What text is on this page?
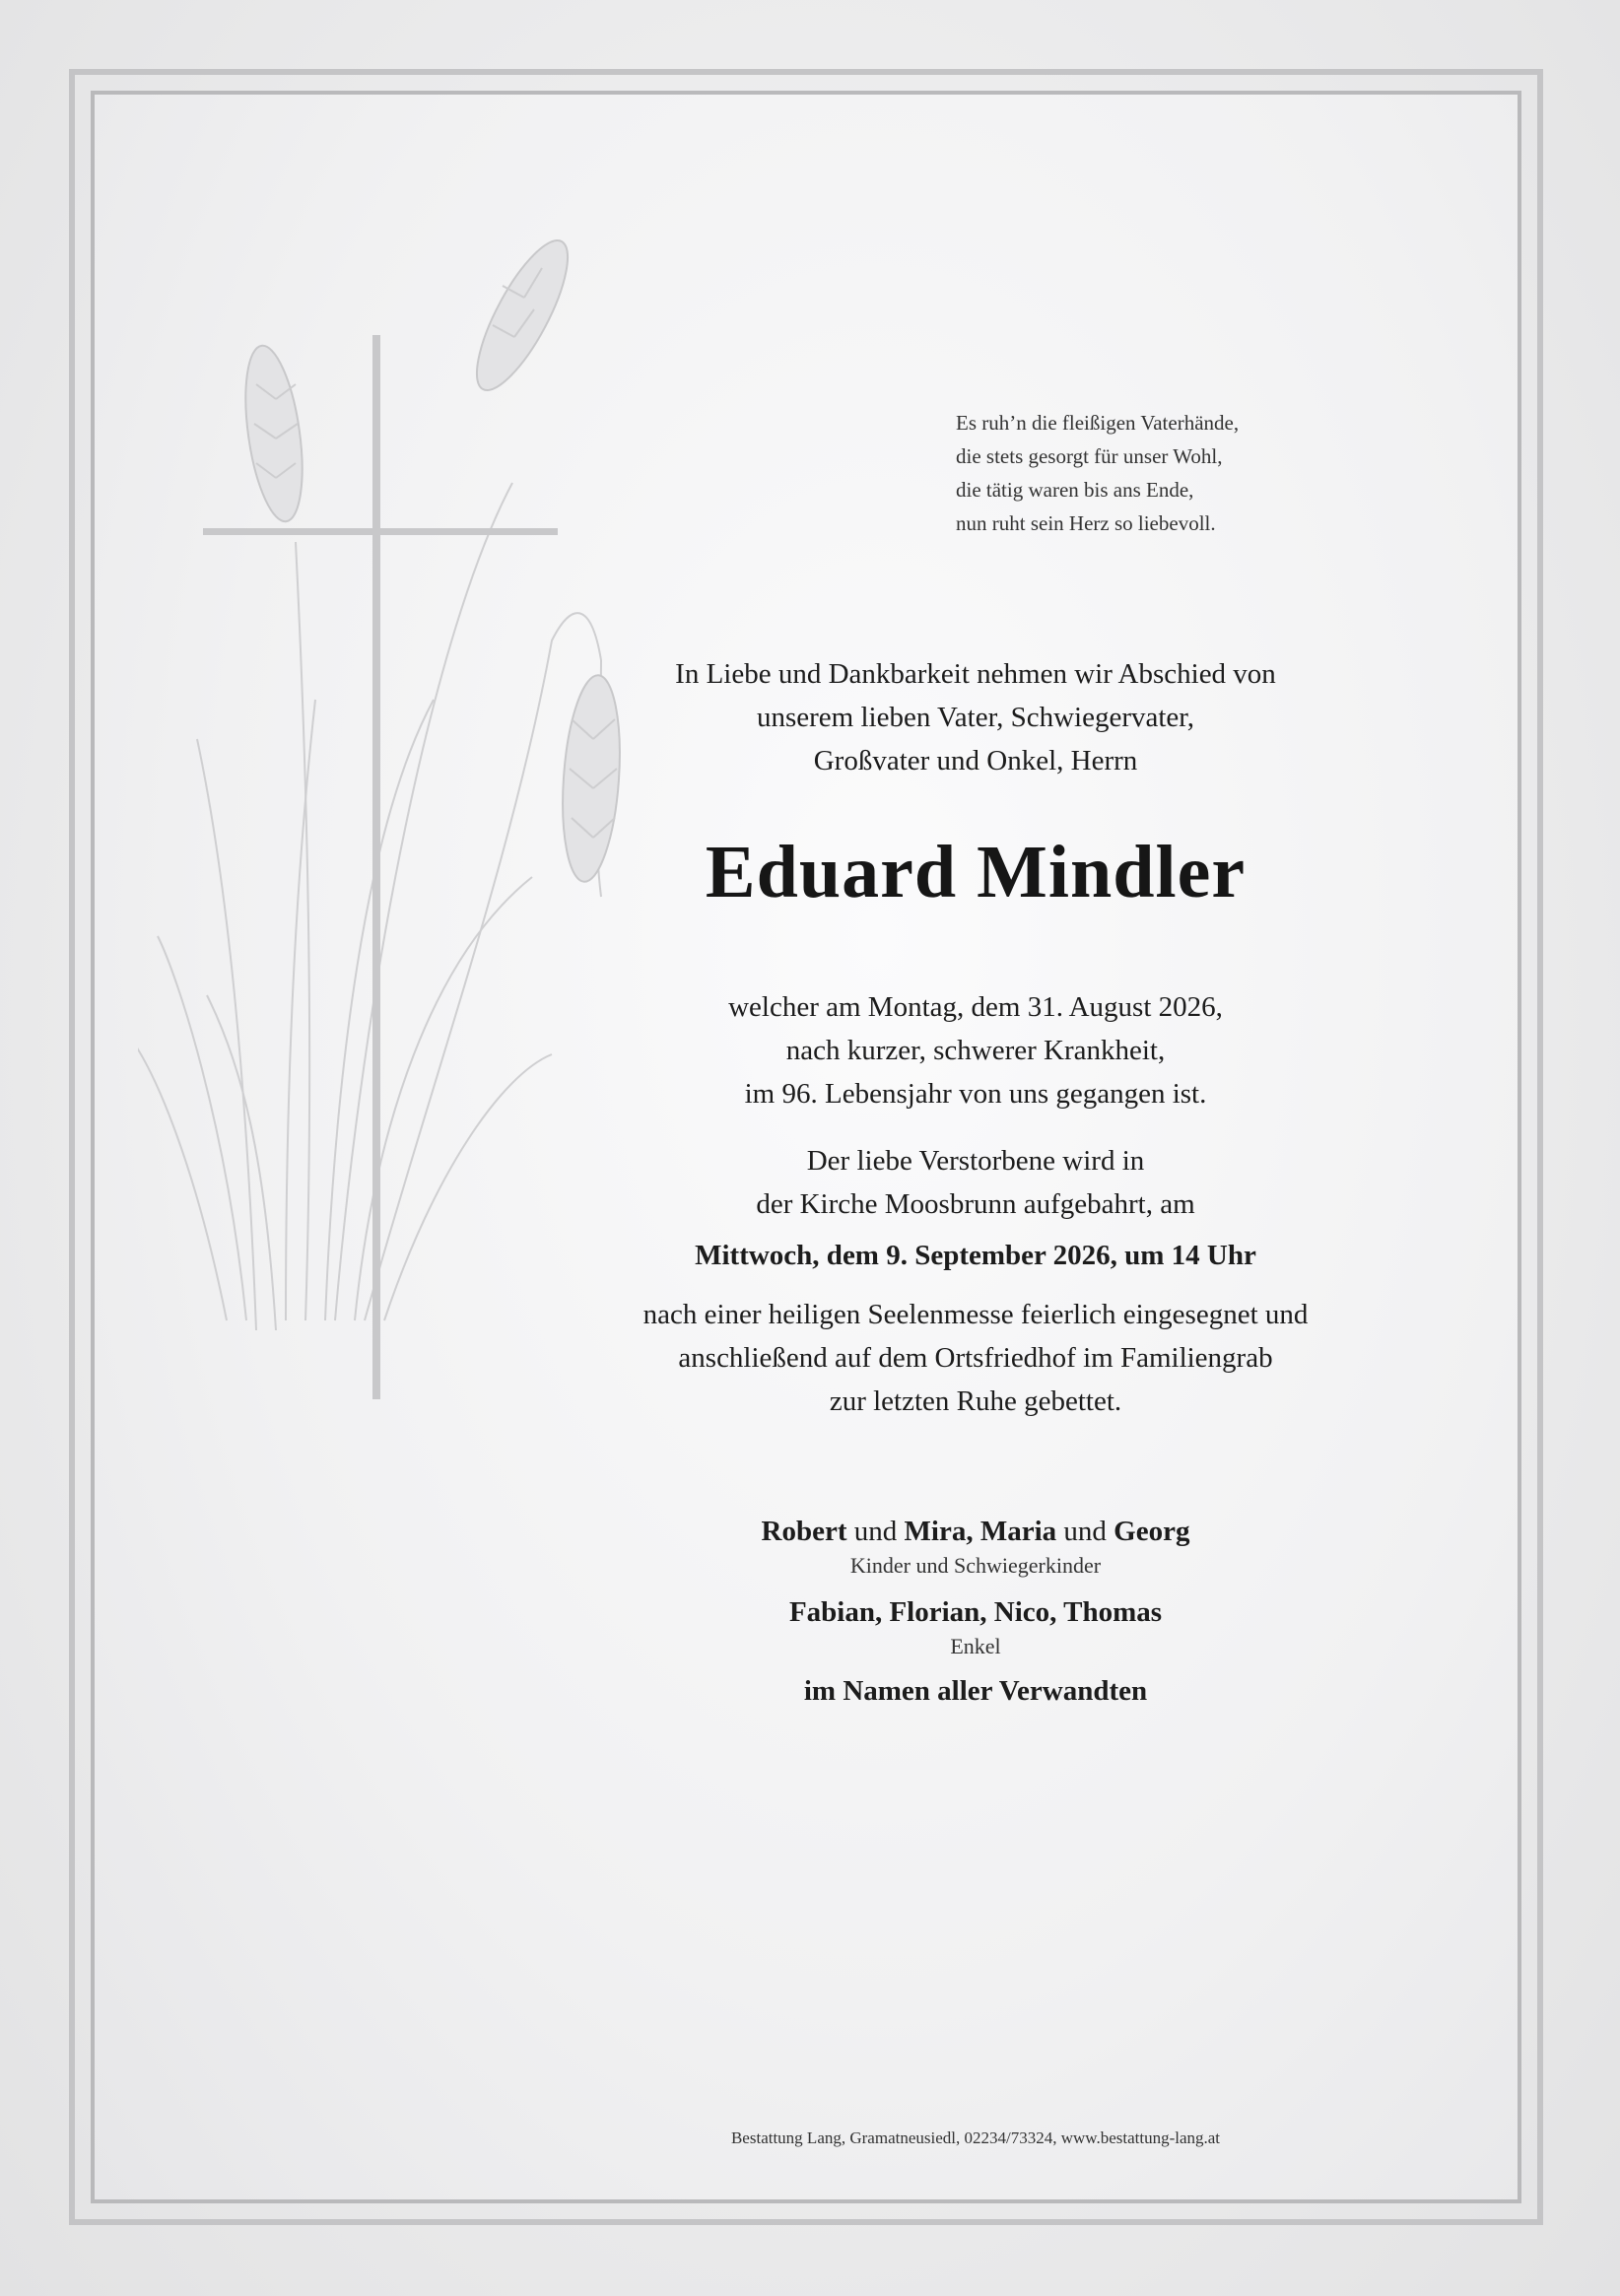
Es ruh’n die fleißigen Vaterhände,
die stets gesorgt für unser Wohl,
die tätig waren bis ans Ende,
nun ruht sein Herz so liebevoll.
In Liebe und Dankbarkeit nehmen wir Abschied von
unserem lieben Vater, Schwiegervater,
Großvater und Onkel, Herrn
Eduard Mindler
welcher am Montag, dem 31. August 2026,
nach kurzer, schwerer Krankheit,
im 96. Lebensjahr von uns gegangen ist.
Der liebe Verstorbene wird in
der Kirche Moosbrunn aufgebahrt, am
Mittwoch, dem 9. September 2026, um 14 Uhr
nach einer heiligen Seelenmesse feierlich eingesegnet und
anschließend auf dem Ortsfriedhof im Familiengrab
zur letzten Ruhe gebettet.
Robert und Mira, Maria und Georg
Kinder und Schwiegerkinder
Fabian, Florian, Nico, Thomas
Enkel
im Namen aller Verwandten
Bestattung Lang, Gramatneusiedl, 02234/73324, www.bestattung-lang.at
